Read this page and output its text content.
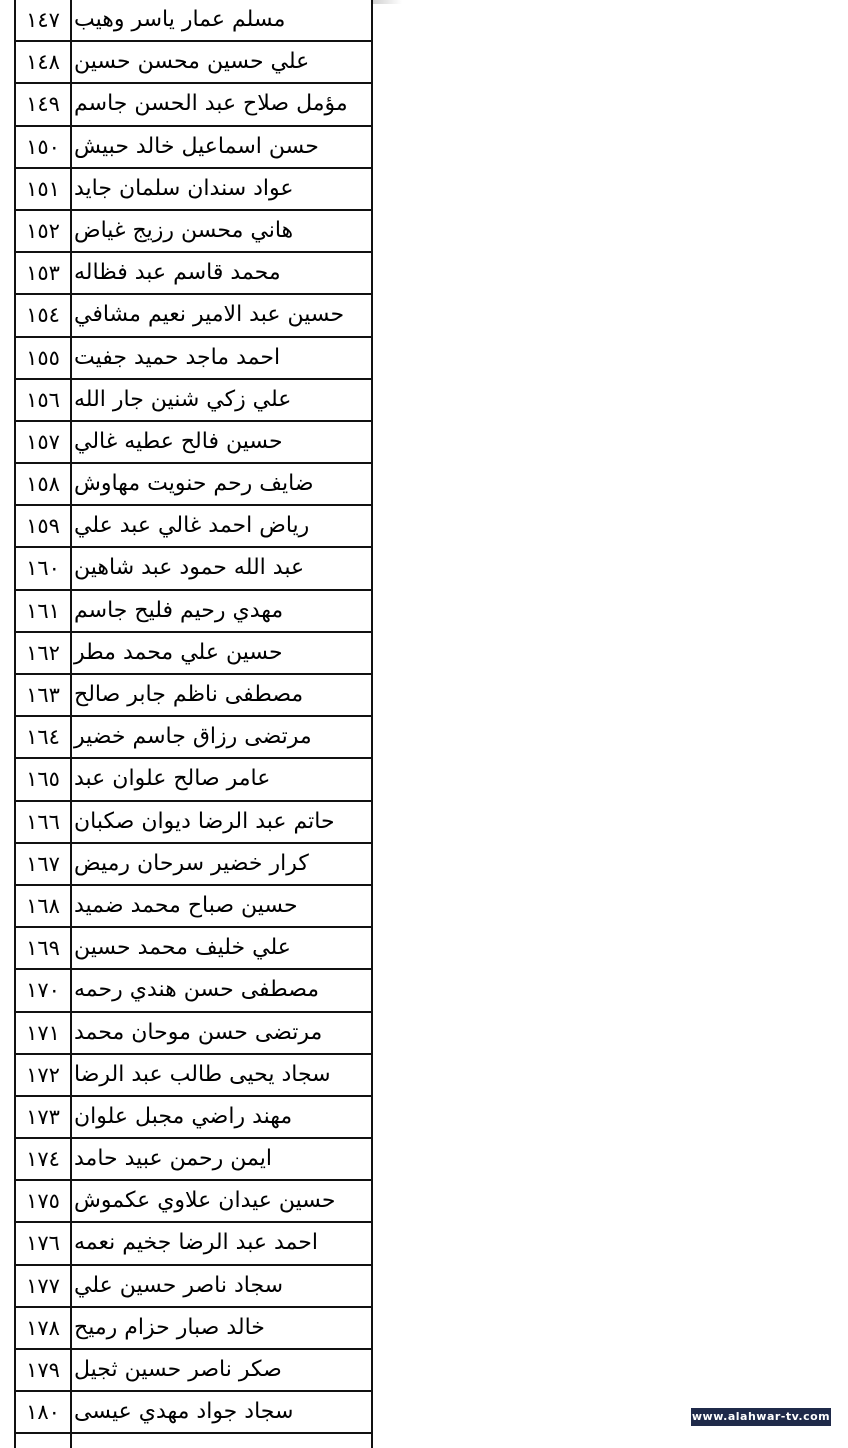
١٤٧ مسلم عمار ياسر وهيب
١٤٨ علي حسين محسن حسين
١٤٩ مؤمل صلاح عبد الحسن جاسم
١٥٠ حسن اسماعيل خالد حبيش
١٥١ عواد سندان سلمان جايد
١٥٢ هاني محسن رزيج غياض
١٥٣ محمد قاسم عبد فظاله
١٥٤ حسين عبد الامير نعيم مشافي
١٥٥ احمد ماجد حميد جفيت
١٥٦ علي زكي شنين جار الله
١٥٧ حسين فالح عطيه غالي
١٥٨ ضايف رحم حنويت مهاوش
١٥٩ رياض احمد غالي عبد علي
١٦٠ عبد الله حمود عبد شاهين
١٦١ مهدي رحيم فليح جاسم
١٦٢ حسين علي محمد مطر
١٦٣ مصطفى ناظم جابر صالح
١٦٤ مرتضى رزاق جاسم خضير
١٦٥ عامر صالح علوان عبد
١٦٦ حاتم عبد الرضا ديوان صكبان
١٦٧ كرار خضير سرحان رميض
١٦٨ حسين صباح محمد ضميد
١٦٩ علي خليف محمد حسين
١٧٠ مصطفى حسن هندي رحمه
١٧١ مرتضى حسن موحان محمد
١٧٢ سجاد يحيى طالب عبد الرضا
١٧٣ مهند راضي مجبل علوان
١٧٤ ايمن رحمن عبيد حامد
١٧٥ حسين عيدان علاوي عكموش
١٧٦ احمد عبد الرضا جخيم نعمه
١٧٧ سجاد ناصر حسين علي
١٧٨ خالد صبار حزام رميح
١٧٩ صكر ناصر حسين ثجيل
١٨٠ سجاد جواد مهدي عيسى	www.alahwar-tv.com
